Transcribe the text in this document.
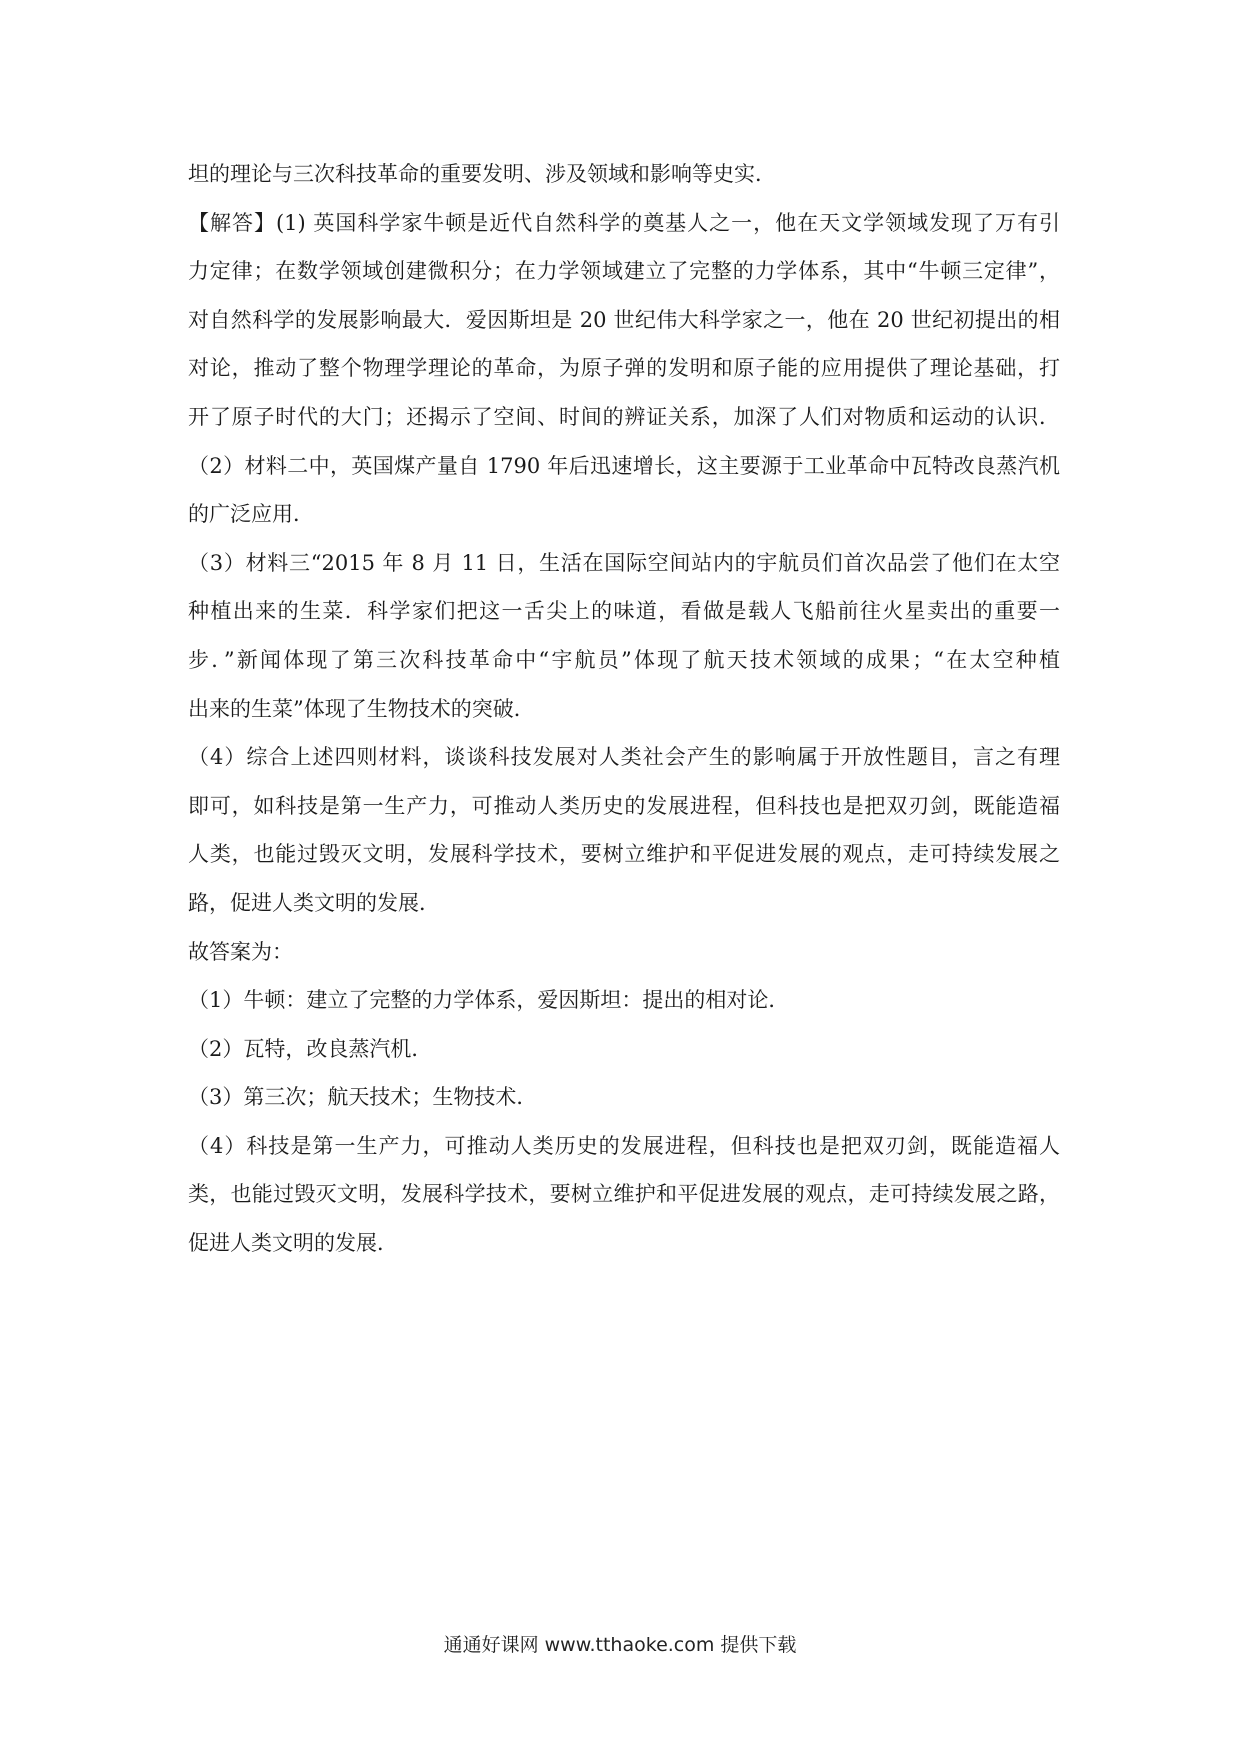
坦的理论与三次科技革命的重要发明、涉及领域和影响等史实．
【解答】(1) 英国科学家牛顿是近代自然科学的奠基人之一，他在天文学领域发现了万有引
力定律；在数学领域创建微积分；在力学领域建立了完整的力学体系，其中“牛顿三定律”，
对自然科学的发展影响最大．爱因斯坦是 20 世纪伟大科学家之一，他在 20 世纪初提出的相
对论，推动了整个物理学理论的革命，为原子弹的发明和原子能的应用提供了理论基础，打
开了原子时代的大门；还揭示了空间、时间的辨证关系，加深了人们对物质和运动的认识．
（2）材料二中，英国煤产量自 1790 年后迅速增长，这主要源于工业革命中瓦特改良蒸汽机
的广泛应用．
（3）材料三“2015 年 8 月 11 日，生活在国际空间站内的宇航员们首次品尝了他们在太空
种植出来的生菜．科学家们把这一舌尖上的味道，看做是载人飞船前往火星卖出的重要一
步．”新闻体现了第三次科技革命中“宇航员”体现了航天技术领域的成果；“在太空种植
出来的生菜”体现了生物技术的突破．
（4）综合上述四则材料，谈谈科技发展对人类社会产生的影响属于开放性题目，言之有理
即可，如科技是第一生产力，可推动人类历史的发展进程，但科技也是把双刃剑，既能造福
人类，也能过毁灭文明，发展科学技术，要树立维护和平促进发展的观点，走可持续发展之
路，促进人类文明的发展．
故答案为：
（1）牛顿：建立了完整的力学体系，爱因斯坦：提出的相对论．
（2）瓦特，改良蒸汽机．
（3）第三次；航天技术；生物技术．
（4）科技是第一生产力，可推动人类历史的发展进程，但科技也是把双刃剑，既能造福人
类，也能过毁灭文明，发展科学技术，要树立维护和平促进发展的观点，走可持续发展之路，
促进人类文明的发展．
通通好课网 www.tthaoke.com 提供下载
